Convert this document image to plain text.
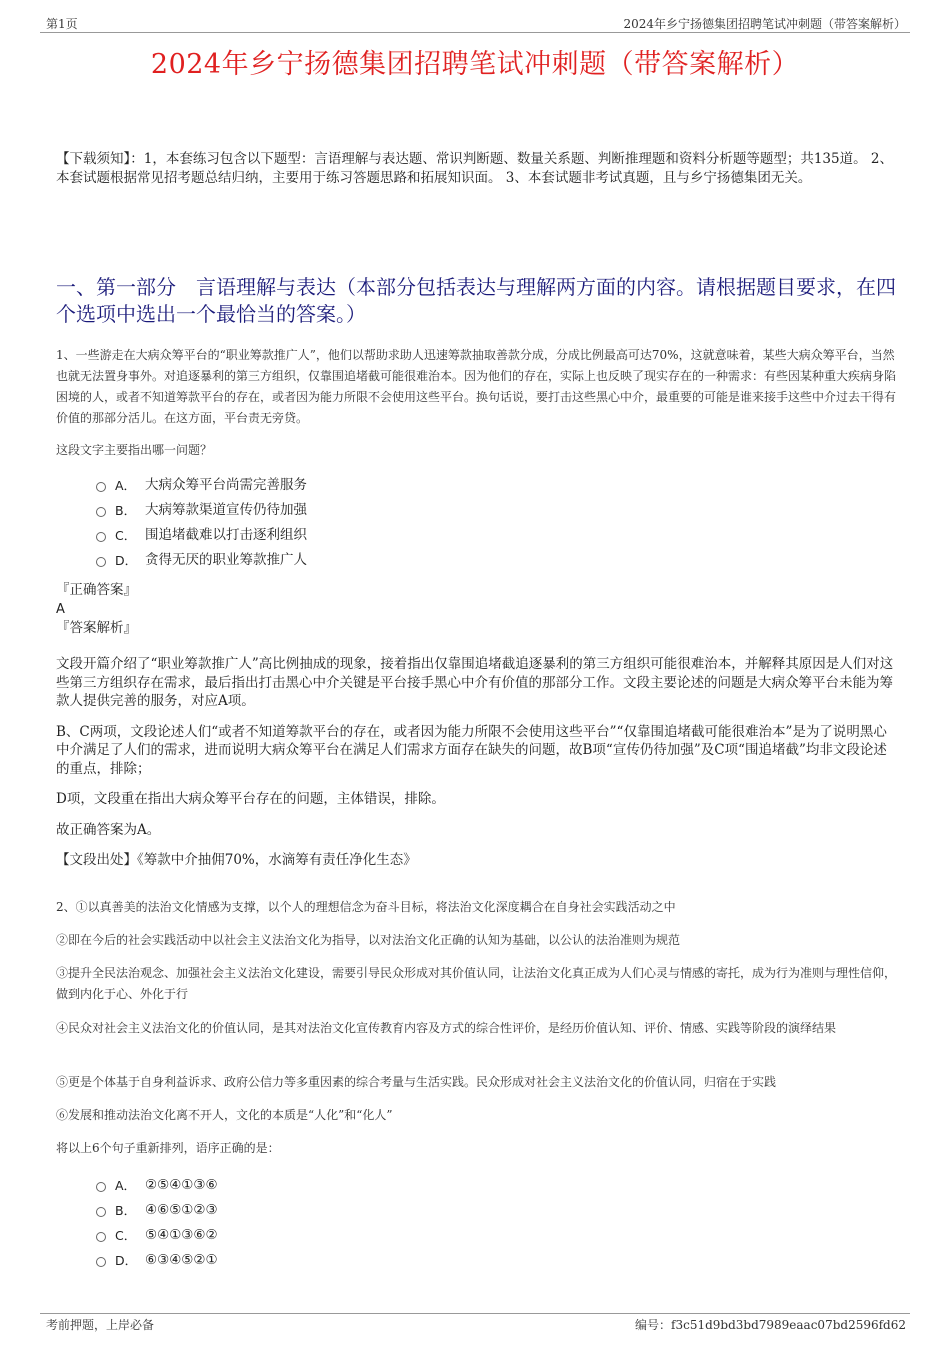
第1页	2024年乡宁扬德集团招聘笔试冲刺题（带答案解析）
2024年乡宁扬德集团招聘笔试冲刺题（带答案解析）
【下载须知】：1，本套练习包含以下题型：言语理解与表达题、常识判断题、数量关系题、判断推理题和资料分析题等题型；共135道。 2、本套试题根据常见招考题总结归纳，主要用于练习答题思路和拓展知识面。 3、本套试题非考试真题，且与乡宁扬德集团无关。
一、第一部分　言语理解与表达（本部分包括表达与理解两方面的内容。请根据题目要求，在四个选项中选出一个最恰当的答案。）
1、一些游走在大病众筹平台的“职业筹款推广人”，他们以帮助求助人迅速筹款抽取善款分成，分成比例最高可达70%，这就意味着，某些大病众筹平台，当然也就无法置身事外。对追逐暴利的第三方组织，仅靠围追堵截可能很难治本。因为他们的存在，实际上也反映了现实存在的一种需求：有些因某种重大疾病身陷困境的人，或者不知道筹款平台的存在，或者因为能力所限不会使用这些平台。换句话说，要打击这些黑心中介，最重要的可能是谁来接手这些中介过去干得有价值的那部分活儿。在这方面，平台责无旁贷。
这段文字主要指出哪一问题？
A． 大病众筹平台尚需完善服务
B． 大病筹款渠道宣传仍待加强
C． 围追堵截难以打击逐利组织
D． 贪得无厌的职业筹款推广人
『正确答案』
A
『答案解析』

文段开篇介绍了“职业筹款推广人”高比例抽成的现象，接着指出仅靠围追堵截追逐暴利的第三方组织可能很难治本，并解释其原因是人们对这些第三方组织存在需求，最后指出打击黑心中介关键是平台接手黑心中介有价值的那部分工作。文段主要论述的问题是大病众筹平台未能为筹款人提供完善的服务，对应A项。

B、C两项，文段论述人们“或者不知道筹款平台的存在，或者因为能力所限不会使用这些平台”“仅靠围追堵截可能很难治本”是为了说明黑心中介满足了人们的需求，进而说明大病众筹平台在满足人们需求方面存在缺失的问题，故B项“宣传仍待加强”及C项“围追堵截”均非文段论述的重点，排除；

D项，文段重在指出大病众筹平台存在的问题，主体错误，排除。

故正确答案为A。

【文段出处】《筹款中介抽佣70%，水滴筹有责任净化生态》

2、①以真善美的法治文化情感为支撑，以个人的理想信念为奋斗目标，将法治文化深度耦合在自身社会实践活动之中
②即在今后的社会实践活动中以社会主义法治文化为指导，以对法治文化正确的认知为基础，以公认的法治准则为规范
③提升全民法治观念、加强社会主义法治文化建设，需要引导民众形成对其价值认同，让法治文化真正成为人们心灵与情感的寄托，成为行为准则与理性信仰，做到内化于心、外化于行
④民众对社会主义法治文化的价值认同，是其对法治文化宣传教育内容及方式的综合性评价，是经历价值认知、评价、情感、实践等阶段的演绎结果
⑤更是个体基于自身利益诉求、政府公信力等多重因素的综合考量与生活实践。民众形成对社会主义法治文化的价值认同，归宿在于实践
⑥发展和推动法治文化离不开人，文化的本质是“人化”和“化人”
将以上6个句子重新排列，语序正确的是：
A． ②⑤④①③⑥
B． ④⑥⑤①②③
C． ⑤④①③⑥②
D． ⑥③④⑤②①
考前押题，上岸必备	编号：f3c51d9bd3bd7989eaac07bd2596fd62
